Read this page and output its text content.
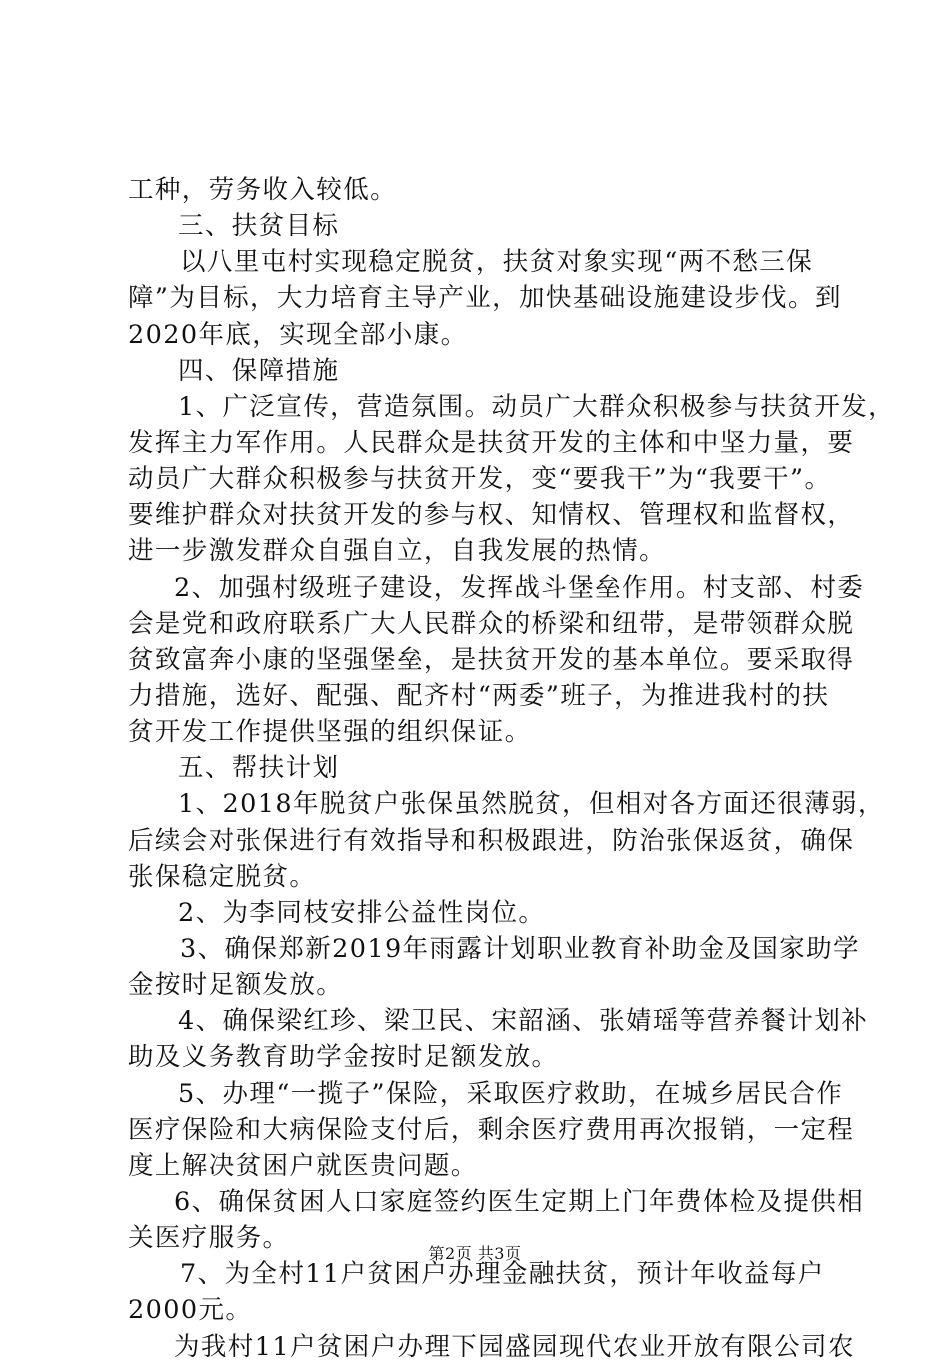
工种，劳务收入较低。
三、扶贫目标
以八里屯村实现稳定脱贫，扶贫对象实现“两不愁三保
障”为目标，大力培育主导产业，加快基础设施建设步伐。到
2020年底，实现全部小康。
四、保障措施
1、广泛宣传，营造氛围。动员广大群众积极参与扶贫开发，
发挥主力军作用。人民群众是扶贫开发的主体和中坚力量，要
动员广大群众积极参与扶贫开发，变“要我干”为“我要干”。
要维护群众对扶贫开发的参与权、知情权、管理权和监督权，
进一步激发群众自强自立，自我发展的热情。
2、加强村级班子建设，发挥战斗堡垒作用。村支部、村委
会是党和政府联系广大人民群众的桥梁和纽带，是带领群众脱
贫致富奔小康的坚强堡垒，是扶贫开发的基本单位。要采取得
力措施，选好、配强、配齐村“两委”班子，为推进我村的扶
贫开发工作提供坚强的组织保证。
五、帮扶计划
1、2018年脱贫户张保虽然脱贫，但相对各方面还很薄弱，
后续会对张保进行有效指导和积极跟进，防治张保返贫，确保
张保稳定脱贫。
2、为李同枝安排公益性岗位。
3、确保郑新2019年雨露计划职业教育补助金及国家助学
金按时足额发放。
4、确保梁红珍、梁卫民、宋韶涵、张婧瑶等营养餐计划补
助及义务教育助学金按时足额发放。
5、办理“一揽子”保险，采取医疗救助，在城乡居民合作
医疗保险和大病保险支付后，剩余医疗费用再次报销，一定程
度上解决贫困户就医贵问题。
6、确保贫困人口家庭签约医生定期上门年费体检及提供相
关医疗服务。
7、为全村11户贫困户办理金融扶贫，预计年收益每户
2000元。
为我村11户贫困户办理下园盛园现代农业开放有限公司农
第2页 共3页
